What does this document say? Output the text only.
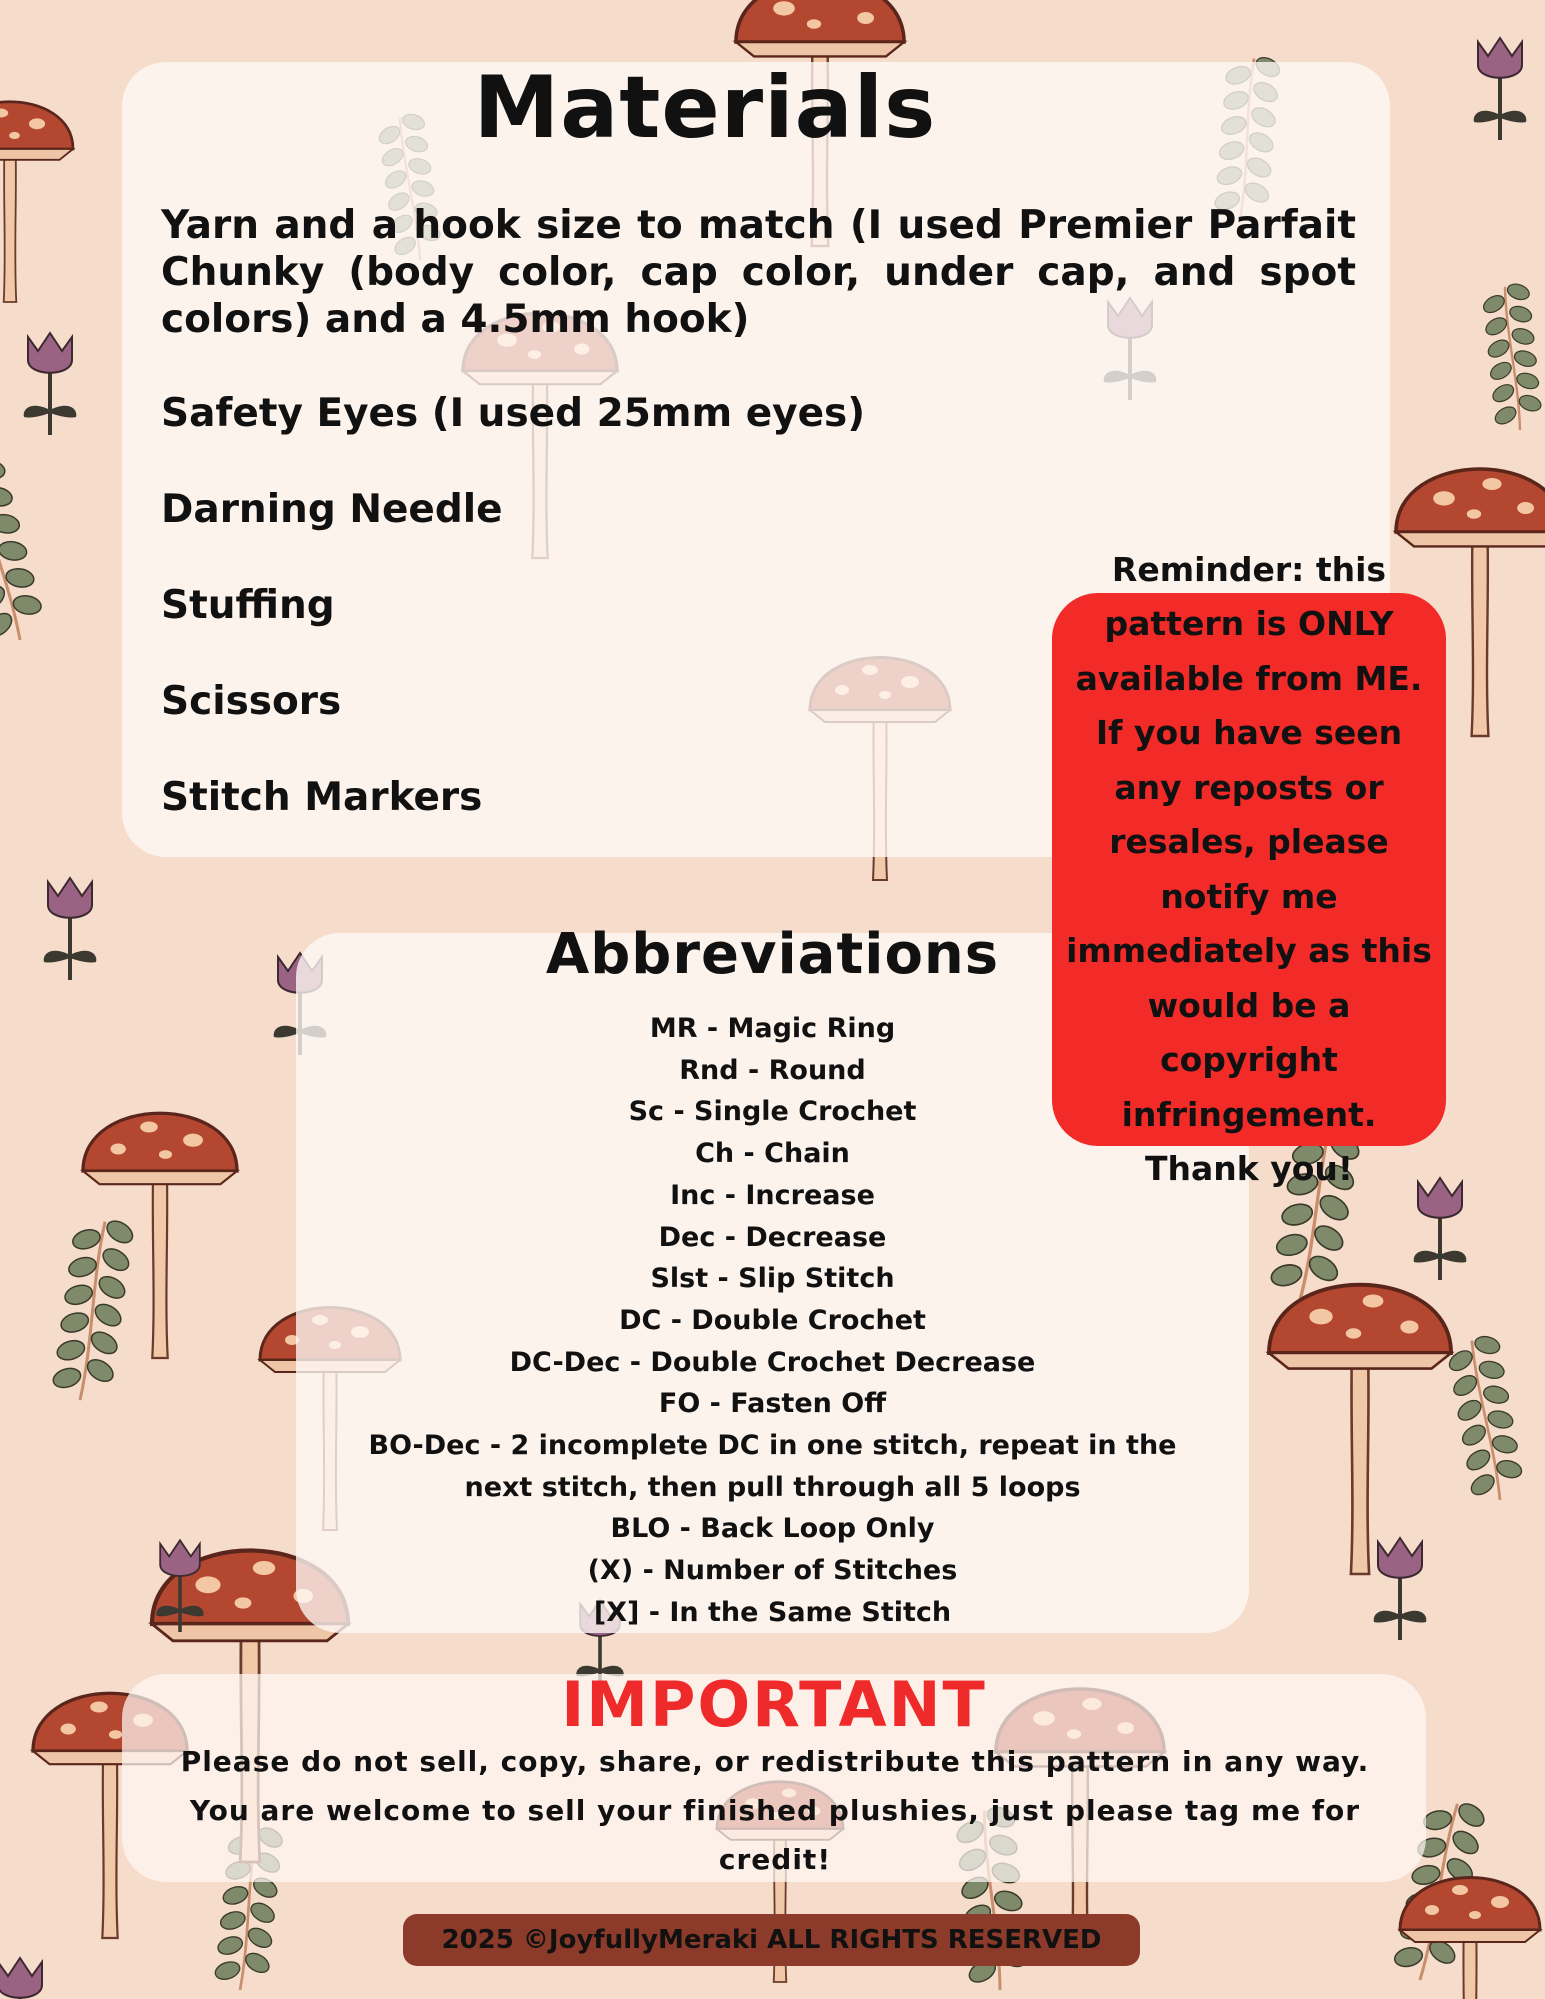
Materials
Yarn and a hook size to match (I used Premier Parfait Chunky (body color, cap color, under cap, and spot colors) and a 4.5mm hook)
Safety Eyes (I used 25mm eyes)
Darning Needle
Stuffing
Scissors
Stitch Markers
Reminder: this pattern is ONLY available from ME. If you have seen any reposts or resales, please notify me immediately as this would be a copyright infringement. Thank you!
Abbreviations
MR - Magic Ring
Rnd - Round
Sc - Single Crochet
Ch - Chain
Inc - Increase
Dec - Decrease
Slst - Slip Stitch
DC - Double Crochet
DC-Dec - Double Crochet Decrease
FO - Fasten Off
BO-Dec - 2 incomplete DC in one stitch, repeat in the next stitch, then pull through all 5 loops
BLO - Back Loop Only
(X) - Number of Stitches
[X] - In the Same Stitch
IMPORTANT

Please do not sell, copy, share, or redistribute this pattern in any way. You are welcome to sell your finished plushies, just please tag me for credit!

2025 ©JoyfullyMeraki ALL RIGHTS RESERVED
